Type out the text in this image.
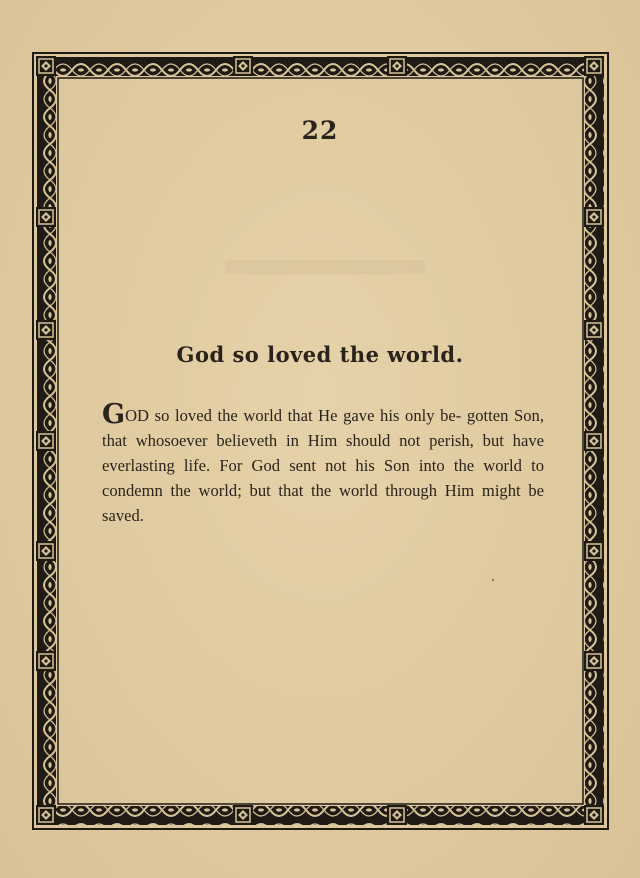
22
God so loved the world.
GOD so loved the world that He gave his only be- gotten Son, that whosoever believeth in Him should not perish, but have everlasting life. For God sent not his Son into the world to condemn the world; but that the world through Him might be saved.
